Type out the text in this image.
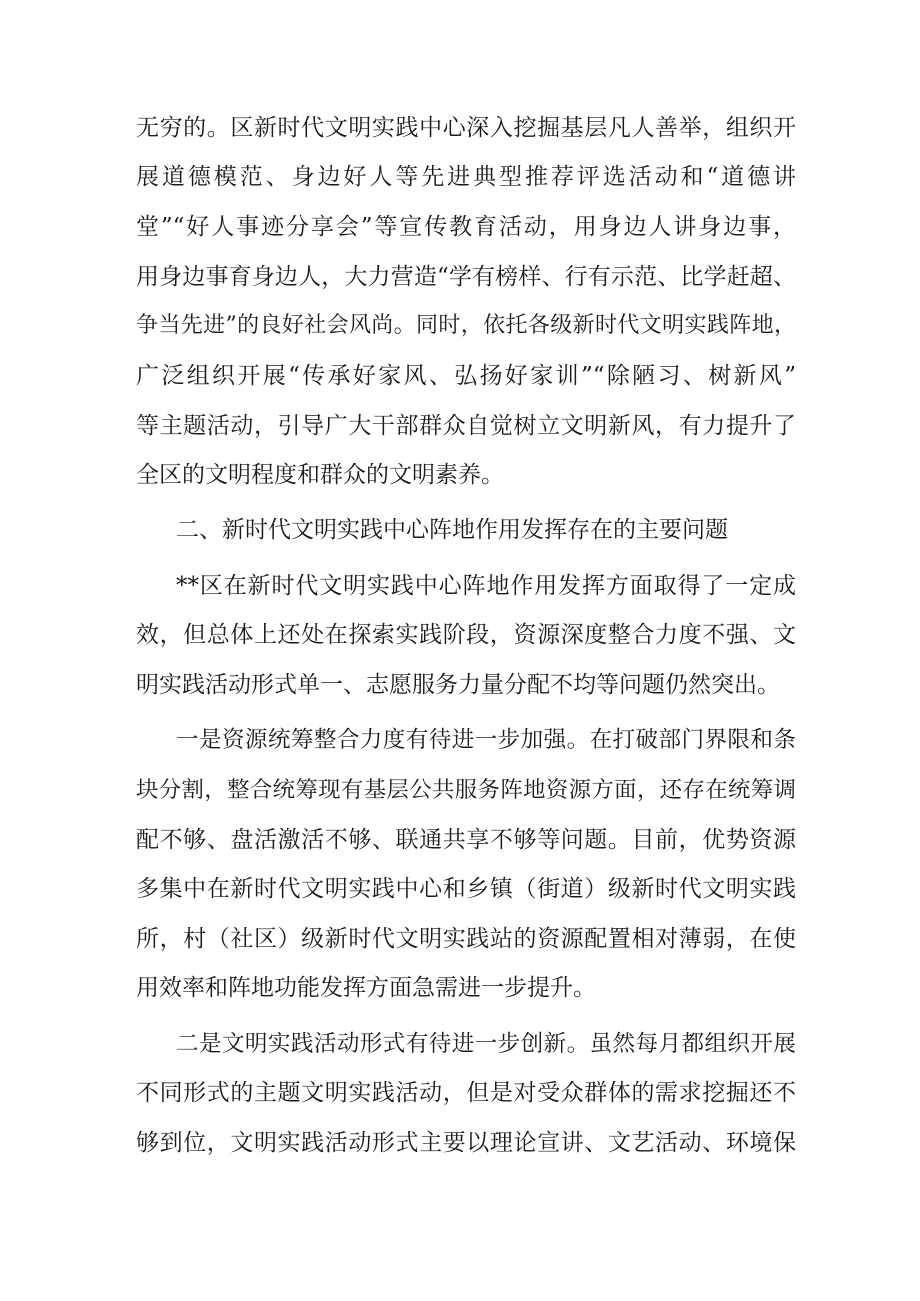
无穷的。区新时代文明实践中心深入挖掘基层凡人善举，组织开
展道德模范、身边好人等先进典型推荐评选活动和“道德讲
堂”“好人事迹分享会”等宣传教育活动，用身边人讲身边事，
用身边事育身边人，大力营造“学有榜样、行有示范、比学赶超、
争当先进”的良好社会风尚。同时，依托各级新时代文明实践阵地，
广泛组织开展“传承好家风、弘扬好家训”“除陋习、树新风”
等主题活动，引导广大干部群众自觉树立文明新风，有力提升了
全区的文明程度和群众的文明素养。
二、新时代文明实践中心阵地作用发挥存在的主要问题
**区在新时代文明实践中心阵地作用发挥方面取得了一定成
效，但总体上还处在探索实践阶段，资源深度整合力度不强、文
明实践活动形式单一、志愿服务力量分配不均等问题仍然突出。
一是资源统筹整合力度有待进一步加强。在打破部门界限和条
块分割，整合统筹现有基层公共服务阵地资源方面，还存在统筹调
配不够、盘活激活不够、联通共享不够等问题。目前，优势资源
多集中在新时代文明实践中心和乡镇（街道）级新时代文明实践
所，村（社区）级新时代文明实践站的资源配置相对薄弱，在使
用效率和阵地功能发挥方面急需进一步提升。
二是文明实践活动形式有待进一步创新。虽然每月都组织开展
不同形式的主题文明实践活动，但是对受众群体的需求挖掘还不
够到位，文明实践活动形式主要以理论宣讲、文艺活动、环境保
